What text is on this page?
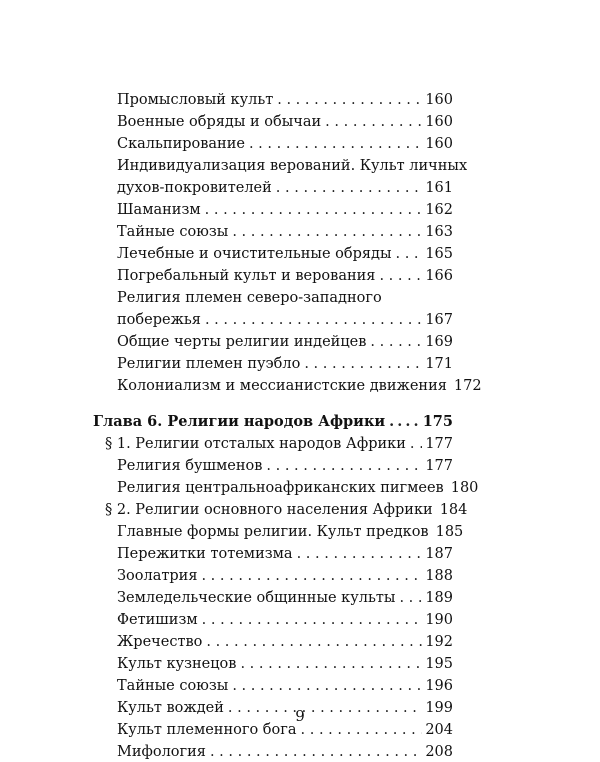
Промысловый культ . . .	160
Военные обряды и обычаи . . .	160
Скальпирование . . .	160
Индивидуализация верований. Культ личных
духов-покровителей . . .	161
Шаманизм . . .	162
Тайные союзы . . .	163
Лечебные и очистительные обряды . . . 165
Погребальный культ и верования . . .	166
Религия племен северо-западного
побережья . . .	167
Общие черты религии индейцев . . .	169
Религии племен пуэбло . . .	171
Колониализм и мессианистские движения 172
Глава 6. Религии народов Африки . . .	175
§ 1. Религии отсталых народов Африки . . . 177
Религия бушменов . . .	177
Религия центральноафриканских пигмеев 180
§ 2. Религии основного населения Африки 184
Главные формы религии. Культ предков 185
Пережитки тотемизма . . .	187
Зоолатрия . . .	188
Земледельческие общинные культы . . . 189
Фетишизм . . .	190
Жречество . . .	192
Культ кузнецов . . .	195
Тайные союзы . . .	196
Культ вождей . . .	199
Культ племенного бога . . .	204
Мифология . . .	208
9
